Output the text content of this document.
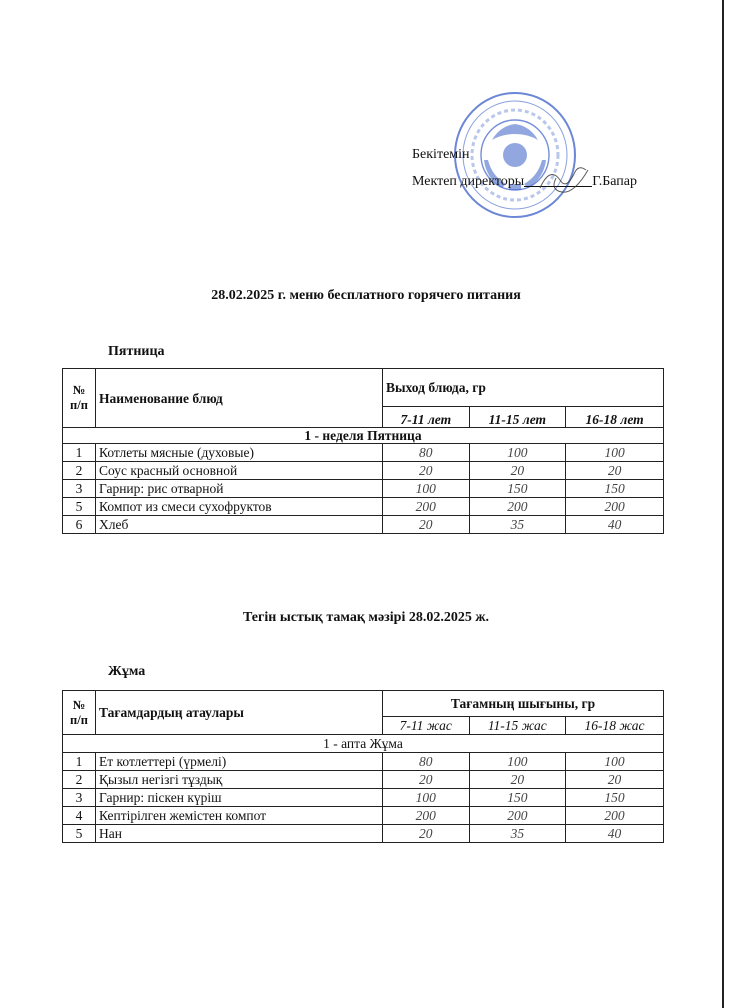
Бекітемін
Мектеп директоры	Г.Бапар
28.02.2025 г. меню бесплатного горячего питания
Пятница
№ п/п	Наименование блюд	Выход блюда, гр		
		7-11 лет	11-15 лет	16-18 лет
1 - неделя Пятница				
1	Котлеты мясные (духовые)	80	100	100
2	Соус красный основной	20	20	20
3	Гарнир: рис отварной	100	150	150
5	Компот из смеси сухофруктов	200	200	200
6	Хлеб	20	35	40
Тегін ыстық тамақ мәзірі 28.02.2025 ж.
Жұма
№ п/п	Тағамдардың атаулары	Тағамның шығыны, гр		
		7-11 жас	11-15 жас	16-18 жас
1 - апта Жұма				
1	Ет котлеттері (үрмелі)	80	100	100
2	Қызыл негізгі тұздық	20	20	20
3	Гарнир: піскен күріш	100	150	150
4	Кептірілген жемістен компот	200	200	200
5	Нан	20	35	40
